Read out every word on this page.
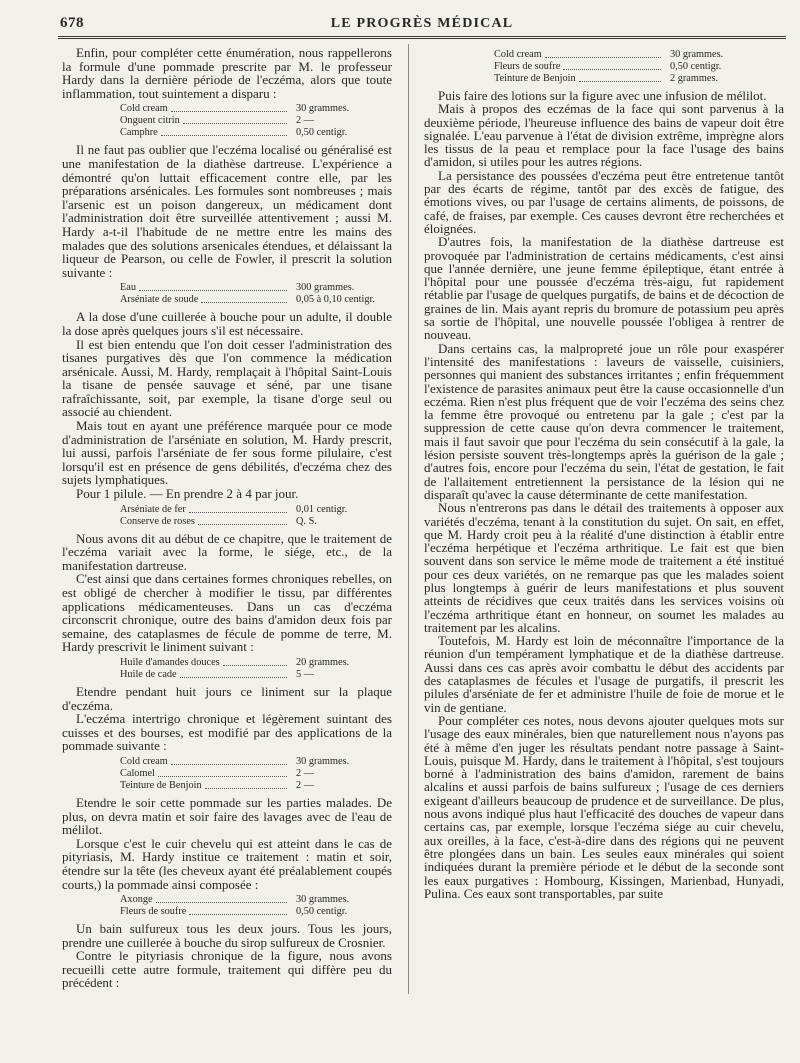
678	LE PROGRÈS MÉDICAL

Enfin, pour compléter cette énumération, nous rappellerons la formule d'une pommade prescrite par M. le professeur Hardy dans la dernière période de l'eczéma, alors que toute inflammation, tout suintement a disparu :

Cold cream	30 grammes.
Onguent citrin	2 —
Camphre	0,50 centigr.

Il ne faut pas oublier que l'eczéma localisé ou généralisé est une manifestation de la diathèse dartreuse. L'expérience a démontré qu'on luttait efficacement contre elle, par les préparations arsénicales. Les formules sont nombreuses ; mais l'arsenic est un poison dangereux, un médicament dont l'administration doit être surveillée attentivement ; aussi M. Hardy a-t-il l'habitude de ne mettre entre les mains des malades que des solutions arsenicales étendues, et délaissant la liqueur de Pearson, ou celle de Fowler, il prescrit la solution suivante :

Eau	300 grammes.
Arséniate de soude	0,05 à 0,10 centigr.

A la dose d'une cuillerée à bouche pour un adulte, il double la dose après quelques jours s'il est nécessaire.

Il est bien entendu que l'on doit cesser l'administration des tisanes purgatives dès que l'on commence la médication arsénicale. Aussi, M. Hardy, remplaçait à l'hôpital Saint-Louis la tisane de pensée sauvage et séné, par une tisane rafraîchissante, soit, par exemple, la tisane d'orge seul ou associé au chiendent.

Mais tout en ayant une préférence marquée pour ce mode d'administration de l'arséniate en solution, M. Hardy prescrit, lui aussi, parfois l'arséniate de fer sous forme pilulaire, c'est lorsqu'il est en présence de gens débilités, d'eczéma chez des sujets lymphatiques.

Pour 1 pilule. — En prendre 2 à 4 par jour.

Arséniate de fer	0,01 centigr.
Conserve de roses	Q. S.

Nous avons dit au début de ce chapitre, que le traitement de l'eczéma variait avec la forme, le siége, etc., de la manifestation dartreuse.

C'est ainsi que dans certaines formes chroniques rebelles, on est obligé de chercher à modifier le tissu, par différentes applications médicamenteuses. Dans un cas d'eczéma circonscrit chronique, outre des bains d'amidon deux fois par semaine, des cataplasmes de fécule de pomme de terre, M. Hardy prescrivit le liniment suivant :

Huile d'amandes douces	20 grammes.
Huile de cade	5 —

Etendre pendant huit jours ce liniment sur la plaque d'eczéma.

L'eczéma intertrigo chronique et légèrement suintant des cuisses et des bourses, est modifié par des applications de la pommade suivante :

Cold cream	30 grammes.
Calomel	2 —
Teinture de Benjoin	2 —

Etendre le soir cette pommade sur les parties malades. De plus, on devra matin et soir faire des lavages avec de l'eau de mélilot.

Lorsque c'est le cuir chevelu qui est atteint dans le cas de pityriasis, M. Hardy institue ce traitement : matin et soir, étendre sur la tête (les cheveux ayant été préalablement coupés courts,) la pommade ainsi composée :

Axonge	30 grammes.
Fleurs de soufre	0,50 centigr.

Un bain sulfureux tous les deux jours. Tous les jours, prendre une cuillerée à bouche du sirop sulfureux de Crosnier.

Contre le pityriasis chronique de la figure, nous avons recueilli cette autre formule, traitement qui diffère peu du précédent :

Cold cream	30 grammes.
Fleurs de soufre	0,50 centigr.
Teinture de Benjoin	2 grammes.

Puis faire des lotions sur la figure avec une infusion de mélilot.

Mais à propos des eczémas de la face qui sont parvenus à la deuxième période, l'heureuse influence des bains de vapeur doit être signalée. L'eau parvenue à l'état de division extrême, imprègne alors les tissus de la peau et remplace pour la face l'usage des bains d'amidon, si utiles pour les autres régions.

La persistance des poussées d'eczéma peut être entretenue tantôt par des écarts de régime, tantôt par des excès de fatigue, des émotions vives, ou par l'usage de certains aliments, de poissons, de café, de fraises, par exemple. Ces causes devront être recherchées et éloignées.

D'autres fois, la manifestation de la diathèse dartreuse est provoquée par l'administration de certains médicaments, c'est ainsi que l'année dernière, une jeune femme épileptique, étant entrée à l'hôpital pour une poussée d'eczéma très-aigu, fut rapidement rétablie par l'usage de quelques purgatifs, de bains et de décoction de graines de lin. Mais ayant repris du bromure de potassium peu après sa sortie de l'hôpital, une nouvelle poussée l'obligea à rentrer de nouveau.

Dans certains cas, la malpropreté joue un rôle pour exaspérer l'intensité des manifestations : laveurs de vaisselle, cuisiniers, personnes qui manient des substances irritantes ; enfin fréquemment l'existence de parasites animaux peut être la cause occasionnelle d'un eczéma. Rien n'est plus fréquent que de voir l'eczéma des seins chez la femme être provoqué ou entretenu par la gale ; c'est par la suppression de cette cause qu'on devra commencer le traitement, mais il faut savoir que pour l'eczéma du sein consécutif à la gale, la lésion persiste souvent très-longtemps après la guérison de la gale ; d'autres fois, encore pour l'eczéma du sein, l'état de gestation, le fait de l'allaitement entretiennent la persistance de la lésion qui ne disparaît qu'avec la cause déterminante de cette manifestation.

Nous n'entrerons pas dans le détail des traitements à opposer aux variétés d'eczéma, tenant à la constitution du sujet. On sait, en effet, que M. Hardy croit peu à la réalité d'une distinction à établir entre l'eczéma herpétique et l'eczéma arthritique. Le fait est que bien souvent dans son service le même mode de traitement a été institué pour ces deux variétés, on ne remarque pas que les malades soient plus longtemps à guérir de leurs manifestations et plus souvent atteints de récidives que ceux traités dans les services voisins où l'eczéma arthritique étant en honneur, on soumet les malades au traitement par les alcalins.

Toutefois, M. Hardy est loin de méconnaître l'importance de la réunion d'un tempérament lymphatique et de la diathèse dartreuse. Aussi dans ces cas après avoir combattu le début des accidents par des cataplasmes de fécules et l'usage de purgatifs, il prescrit les pilules d'arséniate de fer et administre l'huile de foie de morue et le vin de gentiane.

Pour compléter ces notes, nous devons ajouter quelques mots sur l'usage des eaux minérales, bien que naturellement nous n'ayons pas été à même d'en juger les résultats pendant notre passage à Saint-Louis, puisque M. Hardy, dans le traitement à l'hôpital, s'est toujours borné à l'administration des bains d'amidon, rarement de bains alcalins et aussi parfois de bains sulfureux ; l'usage de ces derniers exigeant d'ailleurs beaucoup de prudence et de surveillance. De plus, nous avons indiqué plus haut l'efficacité des douches de vapeur dans certains cas, par exemple, lorsque l'eczéma siége au cuir chevelu, aux oreilles, à la face, c'est-à-dire dans des régions qui ne peuvent être plongées dans un bain. Les seules eaux minérales qui soient indiquées durant la première période et le début de la seconde sont les eaux purgatives : Hombourg, Kissingen, Marienbad, Hunyadi, Pulina. Ces eaux sont transportables, par suite
